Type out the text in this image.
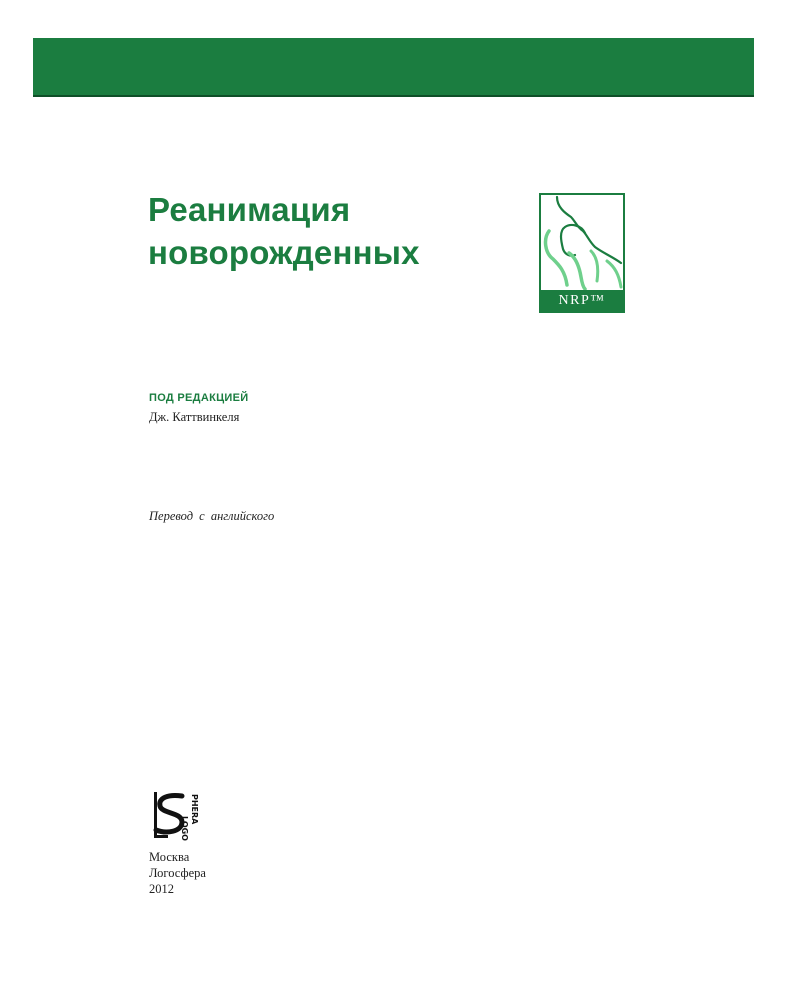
Реанимация
новорожденных
NRP™
ПОД РЕДАКЦИЕЙ
Дж. Каттвинкеля
Перевод с английского
PHERA
LOGO
Москва
Логосфера
2012
